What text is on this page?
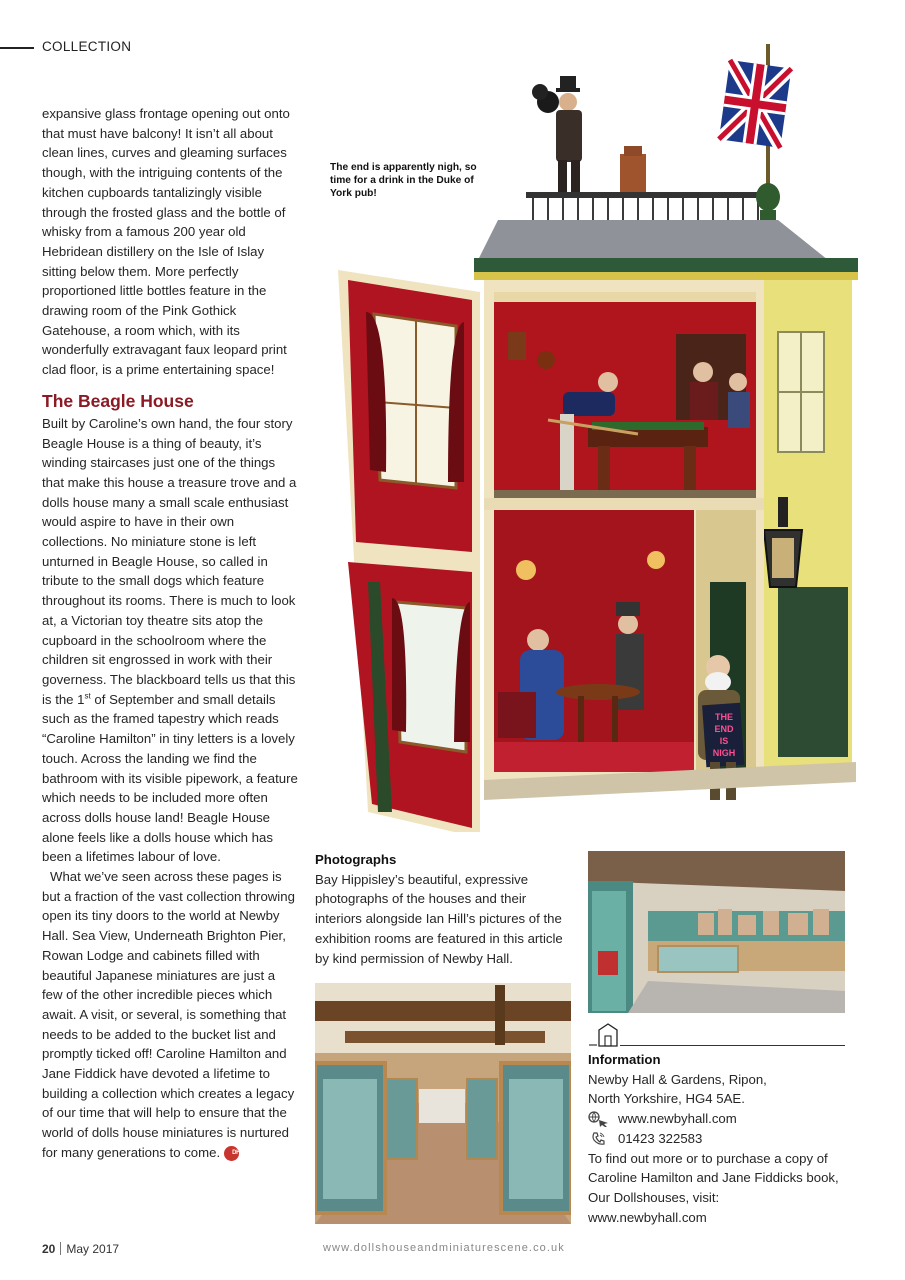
COLLECTION

expansive glass frontage opening out onto that must have balcony! It isn’t all about clean lines, curves and gleaming surfaces though, with the intriguing contents of the kitchen cupboards tantalizingly visible through the frosted glass and the bottle of whisky from a famous 200 year old Hebridean distillery on the Isle of Islay sitting below them. More perfectly proportioned little bottles feature in the drawing room of the Pink Gothick Gatehouse, a room which, with its wonderfully extravagant faux leopard print clad floor, is a prime entertaining space!

The Beagle House

Built by Caroline’s own hand, the four story Beagle House is a thing of beauty, it’s winding staircases just one of the things that make this house a treasure trove and a dolls house many a small scale enthusiast would aspire to have in their own collections. No miniature stone is left unturned in Beagle House, so called in tribute to the small dogs which feature throughout its rooms. There is much to look at, a Victorian toy theatre sits atop the cupboard in the schoolroom where the children sit engrossed in work with their governess. The blackboard tells us that this is the 1st of September and small details such as the framed tapestry which reads “Caroline Hamilton” in tiny letters is a lovely touch. Across the landing we find the bathroom with its visible pipework, a feature which needs to be included more often across dolls house land! Beagle House alone feels like a dolls house which has been a lifetimes labour of love.

What we’ve seen across these pages is but a fraction of the vast collection throwing open its tiny doors to the world at Newby Hall. Sea View, Underneath Brighton Pier, Rowan Lodge and cabinets filled with beautiful Japanese miniatures are just a few of the other incredible pieces which await. A visit, or several, is something that needs to be added to the bucket list and promptly ticked off! Caroline Hamilton and Jane Fiddick have devoted a lifetime to building a collection which creates a legacy of our time that will help to ensure that the world of dolls house miniatures is nurtured for many generations to come. DH MS

THE
END
IS
NIGH
The end is apparently nigh, so time for a drink in the Duke of York pub!
Photographs

Bay Hippisley’s beautiful, expressive photographs of the houses and their interiors alongside Ian Hill’s pictures of the exhibition rooms are featured in this article by kind permission of Newby Hall.

Information

Newby Hall & Gardens, Ripon,

North Yorkshire, HG4 5AE.

www.newbyhall.com
01423 322583

To find out more or to purchase a copy of Caroline Hamilton and Jane Fiddicks book, Our Dollshouses, visit:

www.newbyhall.com

20 May 2017	www.dollshouseandminiaturescene.co.uk
